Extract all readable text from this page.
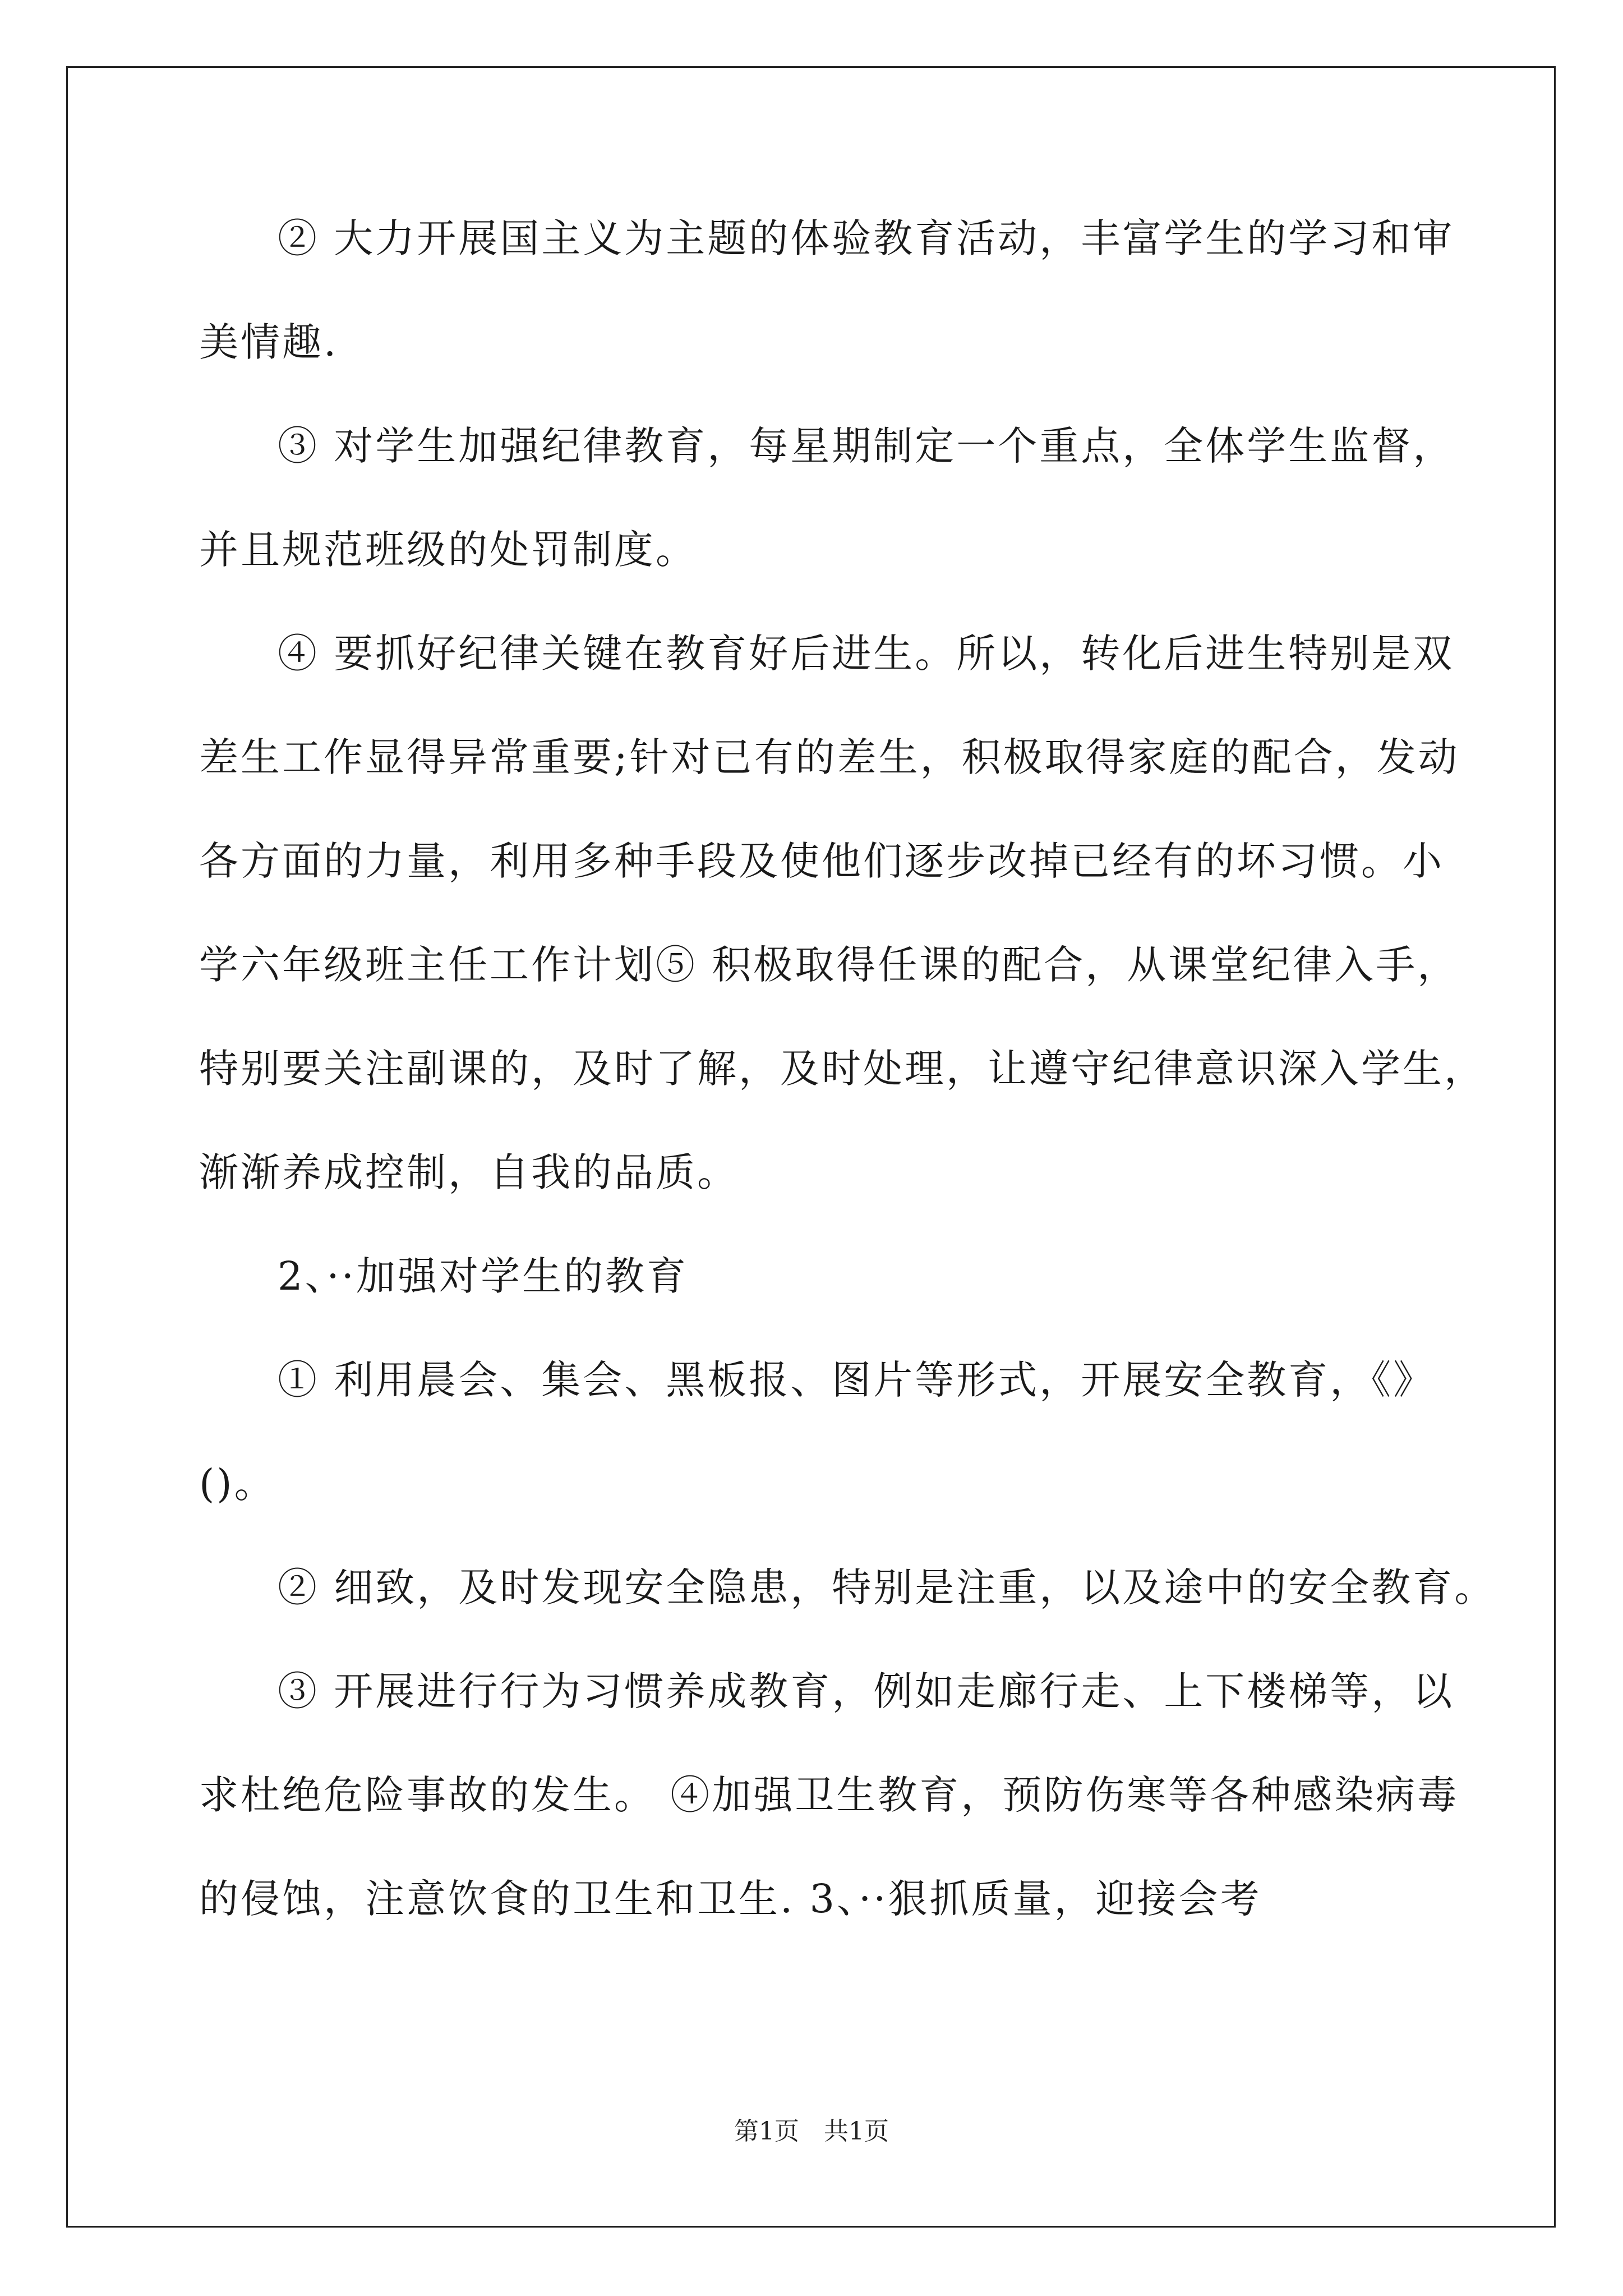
② 大力开展国主义为主题的体验教育活动，丰富学生的学习和审
美情趣.
③ 对学生加强纪律教育，每星期制定一个重点，全体学生监督，
并且规范班级的处罚制度。
④ 要抓好纪律关键在教育好后进生。所以，转化后进生特别是双
差生工作显得异常重要;针对已有的差生，积极取得家庭的配合，发动
各方面的力量，利用多种手段及使他们逐步改掉已经有的坏习惯。小
学六年级班主任工作计划⑤ 积极取得任课的配合，从课堂纪律入手，
特别要关注副课的，及时了解，及时处理，让遵守纪律意识深入学生，
渐渐养成控制，自我的品质。
2、··加强对学生的教育
① 利用晨会、集会、黑板报、图片等形式，开展安全教育，《》
()。
② 细致，及时发现安全隐患，特别是注重，以及途中的安全教育。
③ 开展进行行为习惯养成教育，例如走廊行走、上下楼梯等，以
求杜绝危险事故的发生。 ④加强卫生教育，预防伤寒等各种感染病毒
的侵蚀，注意饮食的卫生和卫生. 3、··狠抓质量，迎接会考
第1页　共1页
